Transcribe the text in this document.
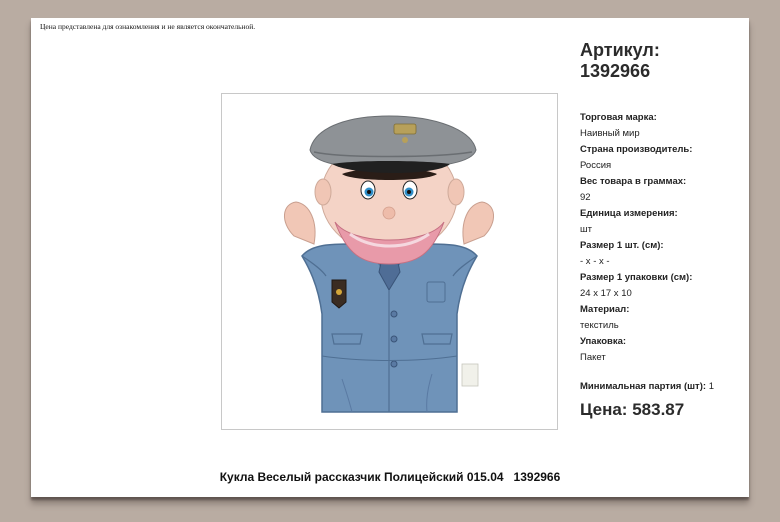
Цена представлена для ознакомления и не является окончательной.
Артикул:
1392966
Торговая марка:
Наивный мир
Страна производитель:
Россия
Вес товара в граммах:
92
Единица измерения:
шт
Размер 1 шт. (см):
- x - x -
Размер 1 упаковки (см):
24 x 17 x 10
Материал:
текстиль
Упаковка:
Пакет
Минимальная партия (шт): 1
Цена: 583.87
Кукла Веселый рассказчик Полицейский 015.04 1392966
